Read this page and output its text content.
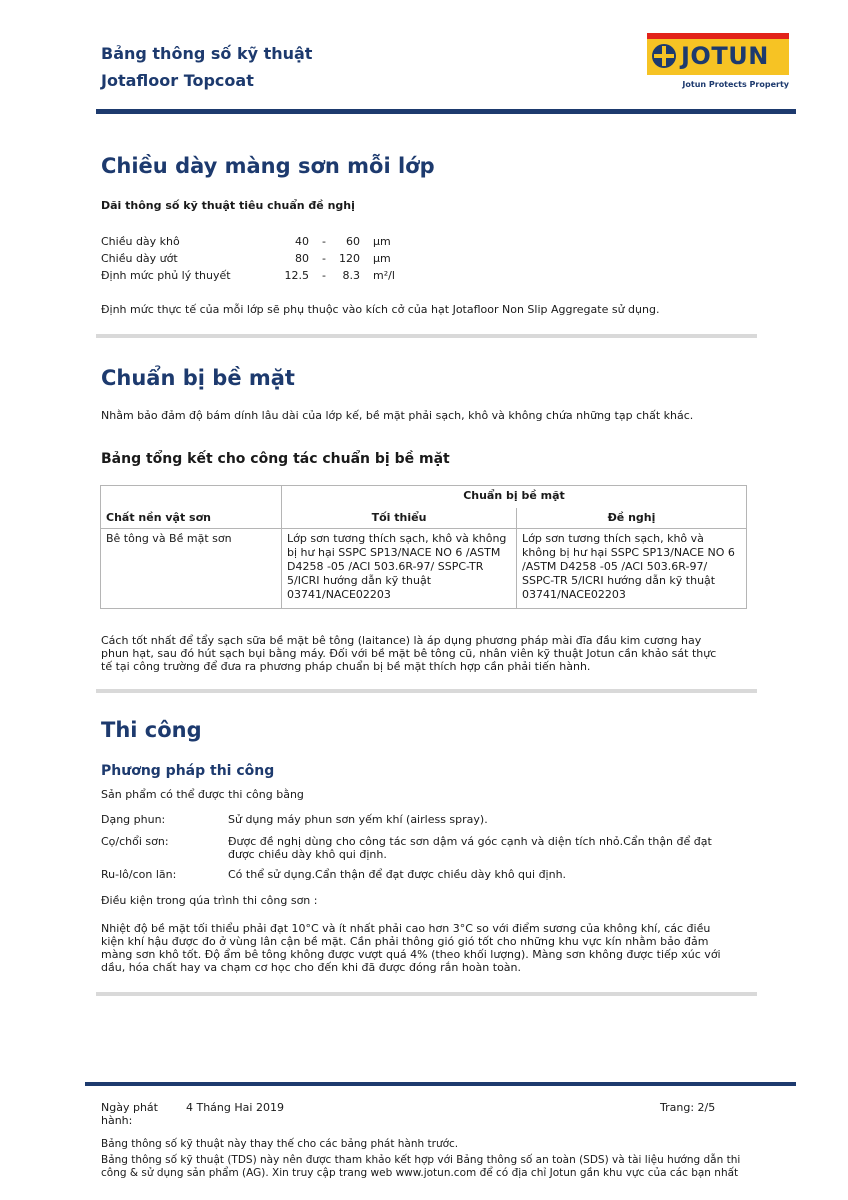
Bảng thông số kỹ thuật
Jotafloor Topcoat
JOTUN
Jotun Protects Property
Chiều dày màng sơn mỗi lớp
Dãi thông số kỹ thuật tiêu chuẩn đề nghị
Chiều dày khô	40 -	60 µm
Chiều dày ướt	80 - 120 µm
Định mức phủ lý thuyết	12.5 -	8.3 m²/l
Định mức thực tế của mỗi lớp sẽ phụ thuộc vào kích cở của hạt Jotafloor Non Slip Aggregate sử dụng.
Chuẩn bị bề mặt
Nhằm bảo đảm độ bám dính lâu dài của lớp kế, bề mặt phải sạch, khô và không chứa những tạp chất khác.
Bảng tổng kết cho công tác chuẩn bị bề mặt
Chất nền vật sơn	Chuẩn bị bề mặt	
	Tối thiểu	Đề nghị
Bê tông và Bề mặt sơn	Lớp sơn tương thích sạch, khô và không bị hư hại SSPC SP13/NACE NO 6 /ASTM D4258 -05 /ACI 503.6R-97/ SSPC-TR 5/ICRI hướng dẫn kỹ thuật 03741/NACE02203	Lớp sơn tương thích sạch, khô và không bị hư hại SSPC SP13/NACE NO 6 /ASTM D4258 -05 /ACI 503.6R-97/ SSPC-TR 5/ICRI hướng dẫn kỹ thuật 03741/NACE02203
Cách tốt nhất để tẩy sạch sữa bề mặt bê tông (laitance) là áp dụng phương pháp mài đĩa đầu kim cương hay
phun hạt, sau đó hút sạch bụi bằng máy. Đối với bề mặt bê tông cũ, nhân viên kỹ thuật Jotun cần khảo sát thực
tế tại công trường để đưa ra phương pháp chuẩn bị bề mặt thích hợp cần phải tiến hành.
Thi công
Phương pháp thi công
Sản phẩm có thể được thi công bằng
Dạng phun:	Sử dụng máy phun sơn yếm khí (airless spray).
Cọ/chổi sơn:	Được đề nghị dùng cho công tác sơn dậm vá góc cạnh và diện tích nhỏ.Cẩn thận để đạt
được chiều dày khô qui định.
Ru-lô/con lăn:	Có thể sử dụng.Cẩn thận để đạt được chiều dày khô qui định.
Điều kiện trong qúa trình thi công sơn :
Nhiệt độ bề mặt tối thiểu phải đạt 10°C và ít nhất phải cao hơn 3°C so với điểm sương của không khí, các điều
kiện khí hậu được đo ở vùng lân cận bề mặt. Cần phải thông gió gió tốt cho những khu vực kín nhằm bảo đảm
màng sơn khô tốt. Độ ẩm bê tông không được vượt quá 4% (theo khối lượng). Màng sơn không được tiếp xúc với
dầu, hóa chất hay va chạm cơ học cho đến khi đã được đóng rắn hoàn toàn.
Ngày phát
hành:
4 Tháng Hai 2019	Trang: 2/5
Bảng thông số kỹ thuật này thay thế cho các bảng phát hành trước.
Bảng thông số kỹ thuật (TDS) này nên được tham khảo kết hợp với Bảng thông số an toàn (SDS) và tài liệu hướng dẫn thi
công & sử dụng sản phẩm (AG). Xin truy cập trang web www.jotun.com để có địa chỉ Jotun gần khu vực của các bạn nhất
